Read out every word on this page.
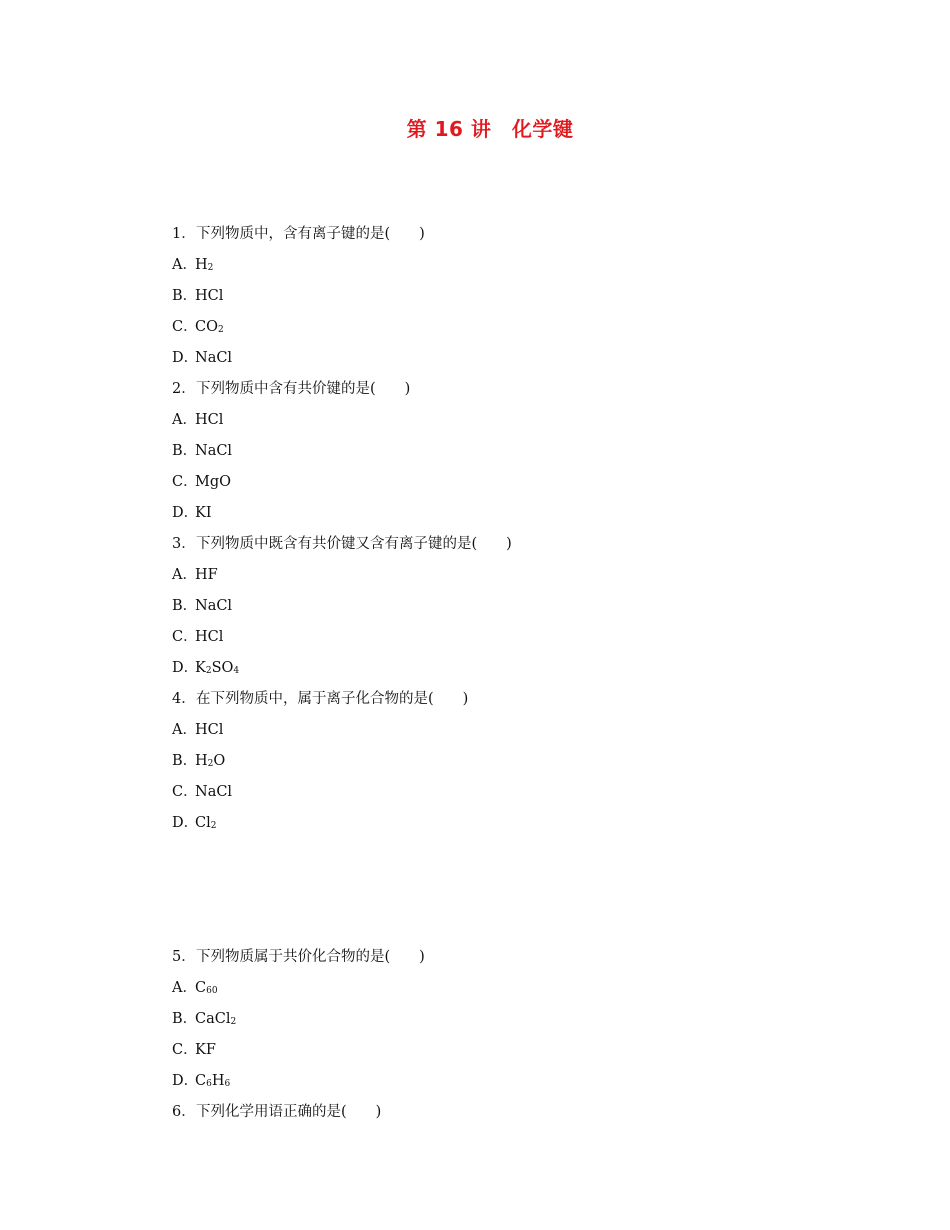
第 16 讲　化学键
1．下列物质中，含有离子键的是(　　)
A．$H_2$
B．HCl
C．$CO_2$
D．NaCl
2．下列物质中含有共价键的是(　　)
A．HCl
B．NaCl
C．MgO
D．KI
3．下列物质中既含有共价键又含有离子键的是(　　)
A．HF
B．NaCl
C．HCl
D．$K_2SO_4$
4．在下列物质中，属于离子化合物的是(　　)
A．HCl
B．$H_2O$
C．NaCl
D．$Cl_2$
5．下列物质属于共价化合物的是(　　)
A．$C_{60}$
B．CaCl$_2$
C．KF
D．$C_6H_6$
6．下列化学用语正确的是(　　)
